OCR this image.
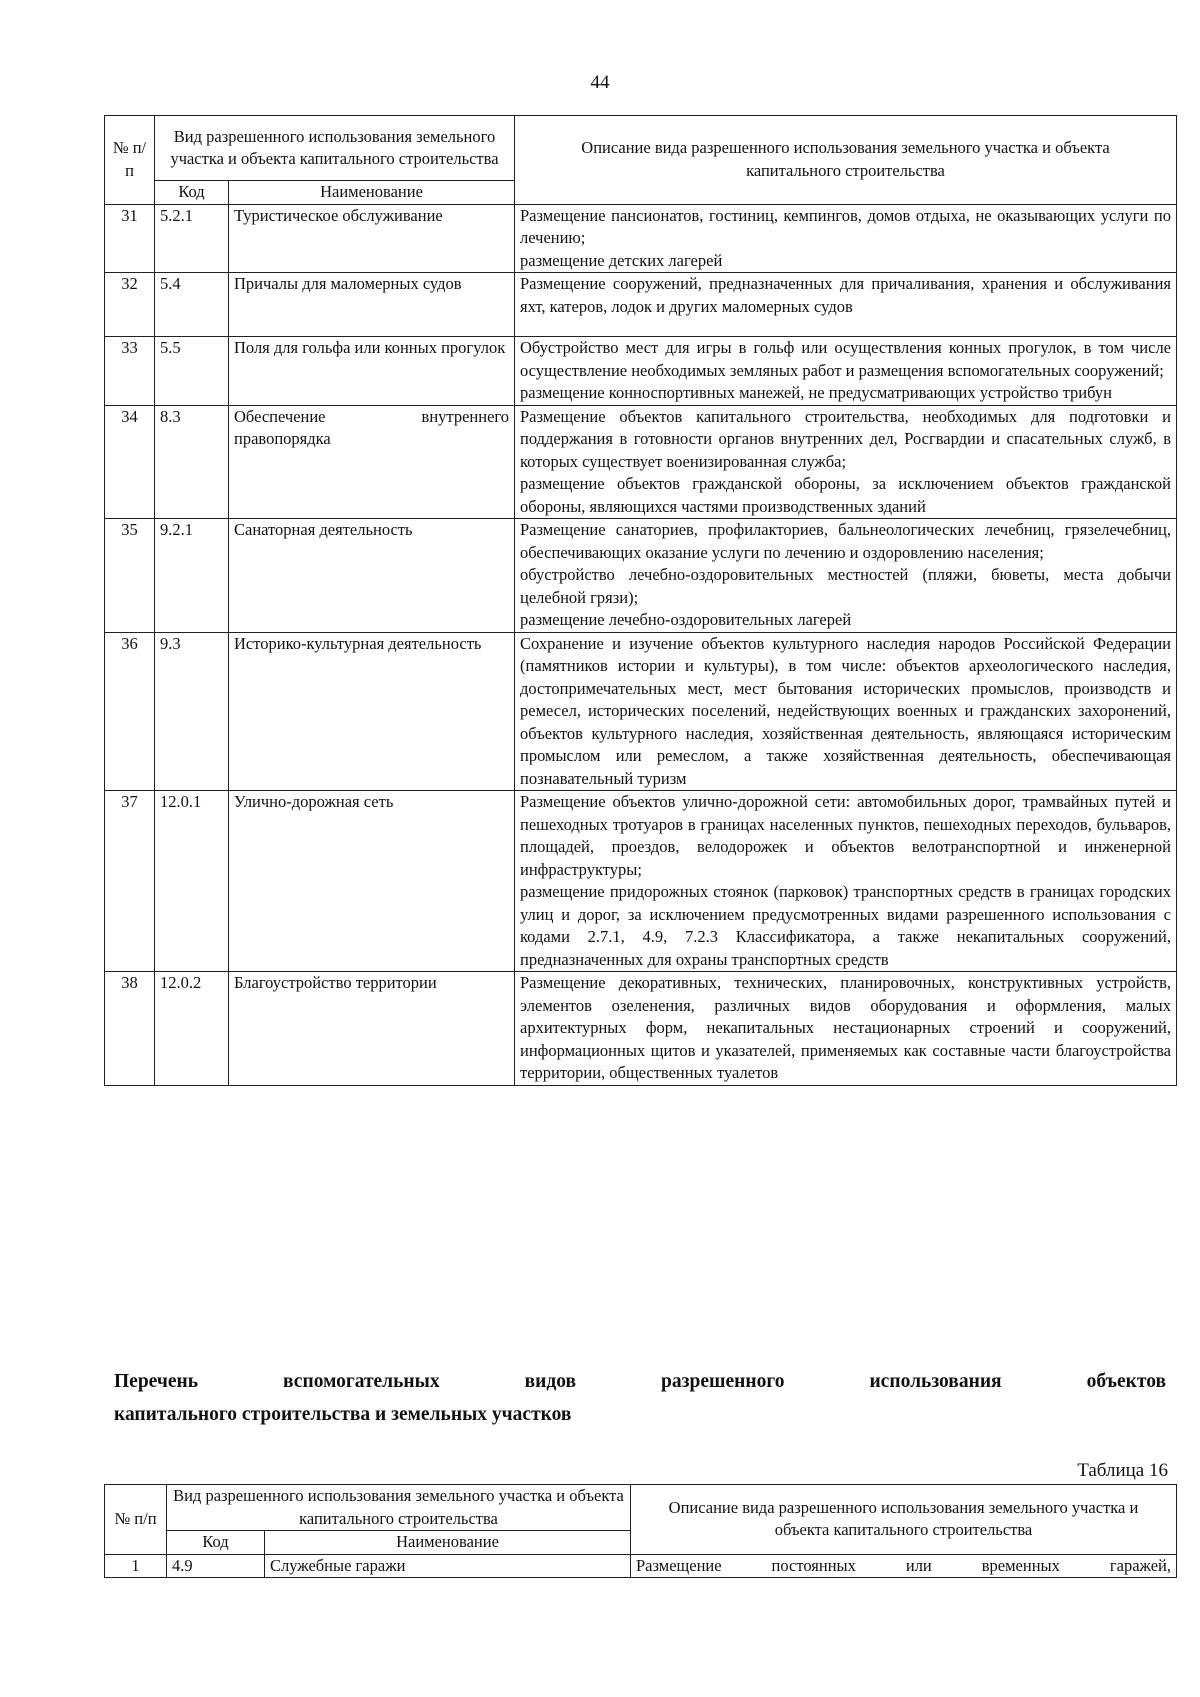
44
№ п/п	Вид разрешенного использования земельного участка и объекта капитального строительства		Описание вида разрешенного использования земельного участка и объекта капитального строительства
	Код	Наименование	
31	5.2.1	Туристическое обслуживание	Размещение пансионатов, гостиниц, кемпингов, домов отдыха, не оказывающих услуги по лечению;
размещение детских лагерей

32	5.4	Причалы для маломерных судов	Размещение сооружений, предназначенных для причаливания, хранения и обслуживания яхт, катеров, лодок и других маломерных судов

33	5.5	Поля для гольфа или конных прогулок	Обустройство мест для игры в гольф или осуществления конных прогулок, в том числе осуществление необходимых земляных работ и размещения вспомогательных сооружений;
размещение конноспортивных манежей, не предусматривающих устройство трибун

34	8.3	Обеспечение внутреннего правопорядка	Размещение объектов капитального строительства, необходимых для подготовки и поддержания в готовности органов внутренних дел, Росгвардии и спасательных служб, в которых существует военизированная служба;
размещение объектов гражданской обороны, за исключением объектов гражданской обороны, являющихся частями производственных зданий

35	9.2.1	Санаторная деятельность	Размещение санаториев, профилакториев, бальнеологических лечебниц, грязелечебниц, обеспечивающих оказание услуги по лечению и оздоровлению населения;
обустройство лечебно-оздоровительных местностей (пляжи, бюветы, места добычи целебной грязи);
размещение лечебно-оздоровительных лагерей

36	9.3	Историко-культурная деятельность	Сохранение и изучение объектов культурного наследия народов Российской Федерации (памятников истории и культуры), в том числе: объектов археологического наследия, достопримечательных мест, мест бытования исторических промыслов, производств и ремесел, исторических поселений, недействующих военных и гражданских захоронений, объектов культурного наследия, хозяйственная деятельность, являющаяся историческим промыслом или ремеслом, а также хозяйственная деятельность, обеспечивающая познавательный туризм

37	12.0.1	Улично-дорожная сеть	Размещение объектов улично-дорожной сети: автомобильных дорог, трамвайных путей и пешеходных тротуаров в границах населенных пунктов, пешеходных переходов, бульваров, площадей, проездов, велодорожек и объектов велотранспортной и инженерной инфраструктуры;
размещение придорожных стоянок (парковок) транспортных средств в границах городских улиц и дорог, за исключением предусмотренных видами разрешенного использования с кодами 2.7.1, 4.9, 7.2.3 Классификатора, а также некапитальных сооружений, предназначенных для охраны транспортных средств

38	12.0.2	Благоустройство территории	Размещение декоративных, технических, планировочных, конструктивных устройств, элементов озеленения, различных видов оборудования и оформления, малых архитектурных форм, некапитальных нестационарных строений и сооружений, информационных щитов и указателей, применяемых как составные части благоустройства территории, общественных туалетов
Перечень вспомогательных видов разрешенного использования объектов
капитального строительства и земельных участков
Таблица 16
№ п/п	Вид разрешенного использования земельного участка и объекта капитального строительства		Описание вида разрешенного использования земельного участка и объекта капитального строительства
	Код	Наименование	
1	4.9	Служебные гаражи	Размещение постоянных или временных гаражей,
